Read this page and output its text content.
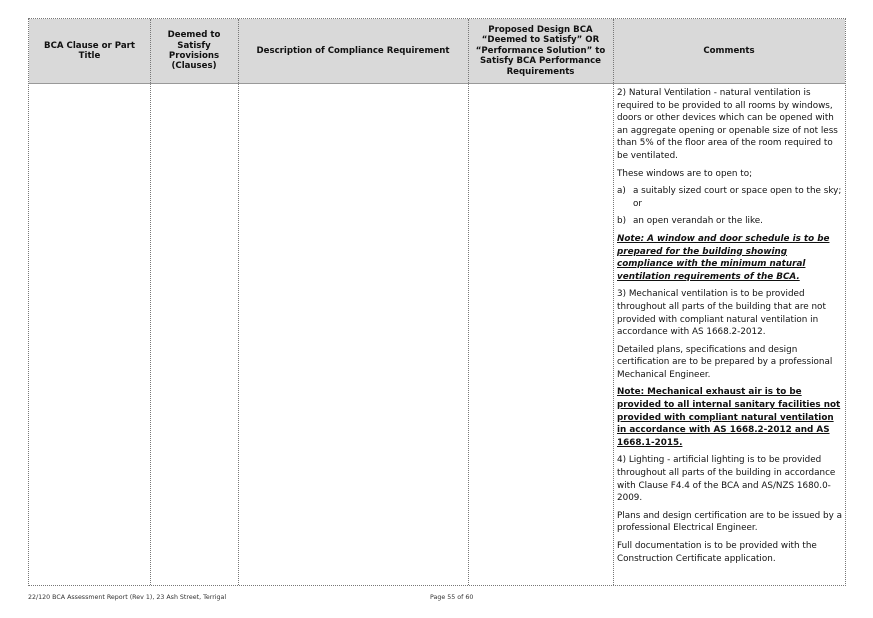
BCA Clause or Part Title
Deemed to Satisfy Provisions (Clauses)
Description of Compliance Requirement
Proposed Design BCA “Deemed to Satisfy” OR “Performance Solution” to Satisfy BCA Performance Requirements
Comments

2) Natural Ventilation - natural ventilation is required to be provided to all rooms by windows, doors or other devices which can be opened with an aggregate opening or openable size of not less than 5% of the floor area of the room required to be ventilated.

These windows are to open to;

a) a suitably sized court or space open to the sky; or
b) an open verandah or the like.

Note: A window and door schedule is to be prepared for the building showing compliance with the minimum natural ventilation requirements of the BCA.

3) Mechanical ventilation is to be provided throughout all parts of the building that are not provided with compliant natural ventilation in accordance with AS 1668.2-2012.

Detailed plans, specifications and design certification are to be prepared by a professional Mechanical Engineer.

Note: Mechanical exhaust air is to be provided to all internal sanitary facilities not provided with compliant natural ventilation in accordance with AS 1668.2-2012 and AS 1668.1-2015.

4) Lighting - artificial lighting is to be provided throughout all parts of the building in accordance with Clause F4.4 of the BCA and AS/NZS 1680.0-2009.

Plans and design certification are to be issued by a professional Electrical Engineer.

Full documentation is to be provided with the Construction Certificate application.

22/120 BCA Assessment Report (Rev 1), 23 Ash Street, Terrigal	Page 55 of 60
